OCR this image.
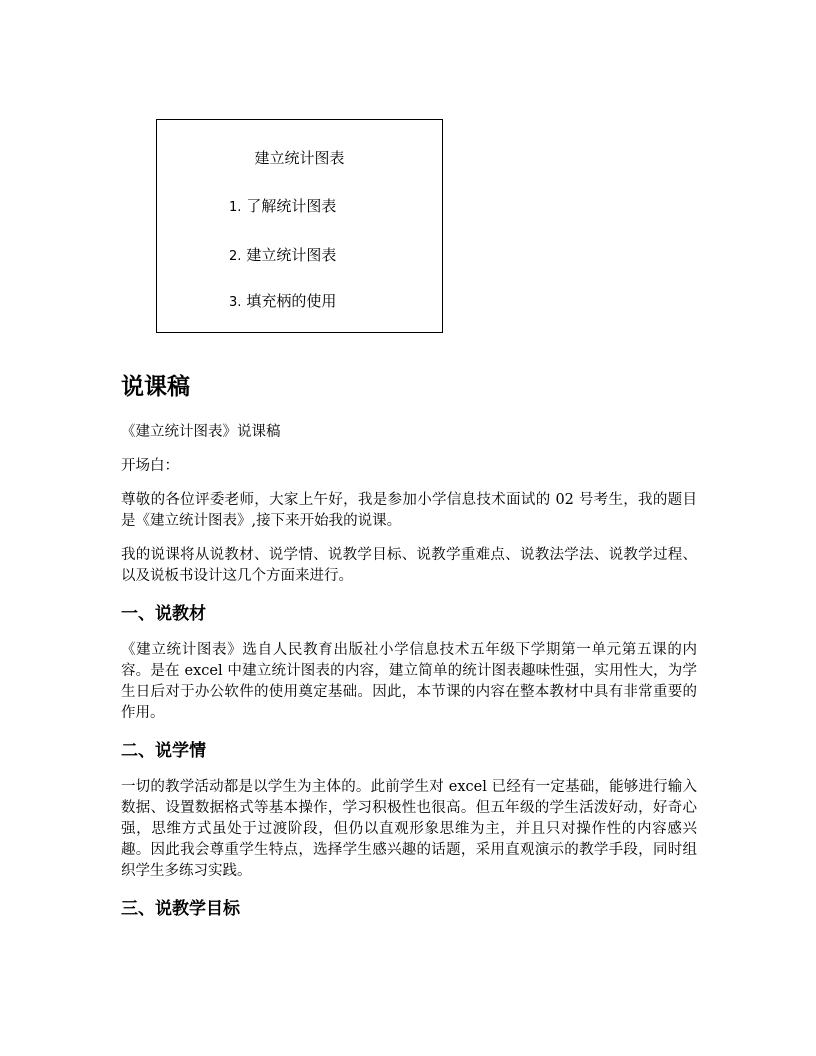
建立统计图表
1. 了解统计图表
2. 建立统计图表
3. 填充柄的使用
说课稿

《建立统计图表》说课稿

开场白：

尊敬的各位评委老师，大家上午好，我是参加小学信息技术面试的 02 号考生，我的题目是《建立统计图表》,接下来开始我的说课。

我的说课将从说教材、说学情、说教学目标、说教学重难点、说教法学法、说教学过程、以及说板书设计这几个方面来进行。

一、说教材

《建立统计图表》选自人民教育出版社小学信息技术五年级下学期第一单元第五课的内容。是在 excel 中建立统计图表的内容，建立简单的统计图表趣味性强，实用性大，为学生日后对于办公软件的使用奠定基础。因此，本节课的内容在整本教材中具有非常重要的作用。

二、说学情

一切的教学活动都是以学生为主体的。此前学生对 excel 已经有一定基础，能够进行输入数据、设置数据格式等基本操作，学习积极性也很高。但五年级的学生活泼好动，好奇心强，思维方式虽处于过渡阶段，但仍以直观形象思维为主，并且只对操作性的内容感兴趣。因此我会尊重学生特点，选择学生感兴趣的话题，采用直观演示的教学手段，同时组织学生多练习实践。

三、说教学目标
